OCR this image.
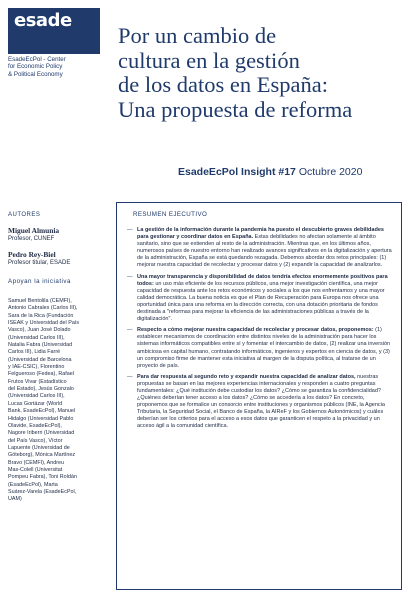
esade
EsadeEcPol - Center
for Economic Policy
& Political Economy
AUTORES
Miguel Almunia
Profesor, CUNEF
Pedro Rey-Biel
Profesor titular, ESADE
Apoyan la iniciativa
Samuel Bentolila (CEMFI),
Antonio Cabrales (Carlos III),
Sara de la Rica (Fundación
ISEAK y Universidad del País
Vasco), Juan José Dolado
(Universidad Carlos III),
Natalia Fabra (Universidad
Carlos III), Lidia Farré
(Universidad de Barcelona
y IAE-CSIC), Florentino
Felgueroso (Fedea), Rafael
Frutos Vivar (Estadístico
del Estado), Jesús Gonzalo
(Universidad Carlos III),
Lucas Gortázar (World
Bank, EsadeEcPol), Manuel
Hidalgo (Universidad Pablo
Olavide, EsadeEcPol),
Nagore Iriberri (Universidad
del País Vasco), Víctor
Lapuente (Universidad de
Göteborg), Mónica Martínez
Bravo (CEMFI), Andreu
Mas-Colell (Universitat
Pompeu Fabra), Toni Roldán
(EsadeEcPol), Marta
Suárez-Varela (EsadeEcPol,
UAM)
Por un cambio de
cultura en la gestión
de los datos en España:
Una propuesta de reforma
EsadeEcPol Insight #17 Octubre 2020
RESUMEN EJECUTIVO
— La gestión de la información durante la pandemia ha puesto el descubierto graves debilidades para gestionar y coordinar datos en España. Estas debilidades no afectan solamente al ámbito sanitario, sino que se extienden al resto de la administración. Mientras que, en los últimos años, numerosos países de nuestro entorno han realizado avances significativos en la digitalización y apertura de la administración, España se está quedando rezagada. Debemos abordar dos retos principales: (1) mejorar nuestra capacidad de recolectar y procesar datos y (2) expandir la capacidad de analizarlos.
— Una mayor transparencia y disponibilidad de datos tendría efectos enormemente positivos para todos: un uso más eficiente de los recursos públicos, una mejor investigación científica, una mejor capacidad de respuesta ante los retos económicos y sociales a los que nos enfrentamos y una mayor calidad democrática. La buena noticia es que el Plan de Recuperación para Europa nos ofrece una oportunidad única para una reforma en la dirección correcta, con una dotación prioritaria de fondos destinada a "reformas para mejorar la eficiencia de las administraciones públicas a través de la digitalización".
— Respecto a cómo mejorar nuestra capacidad de recolectar y procesar datos, proponemos: (1) establecer mecanismos de coordinación entre distintos niveles de la administración para hacer los sistemas informáticos compatibles entre sí y fomentar el intercambio de datos, (2) realizar una inversión ambiciosa en capital humano, contratando informáticos, ingenieros y expertos en ciencia de datos, y (3) un compromiso firme de mantener esta iniciativa al margen de la disputa política, al tratarse de un proyecto de país.
— Para dar respuesta al segundo reto y expandir nuestra capacidad de analizar datos, nuestras propuestas se basan en las mejores experiencias internacionales y responden a cuatro preguntas fundamentales: ¿Qué institución debe custodiar los datos? ¿Cómo se garantiza la confidencialidad? ¿Quiénes deberían tener acceso a los datos? ¿Cómo se accedería a los datos? En concreto, proponemos que se formalice un consorcio entre instituciones y organismos públicos (INE, la Agencia Tributaria, la Seguridad Social, el Banco de España, la AIReF y los Gobiernos Autonómicos) y cuáles deberían ser los criterios para el acceso a esos datos que garanticen el respeto a la privacidad y un acceso ágil a la comunidad científica.
